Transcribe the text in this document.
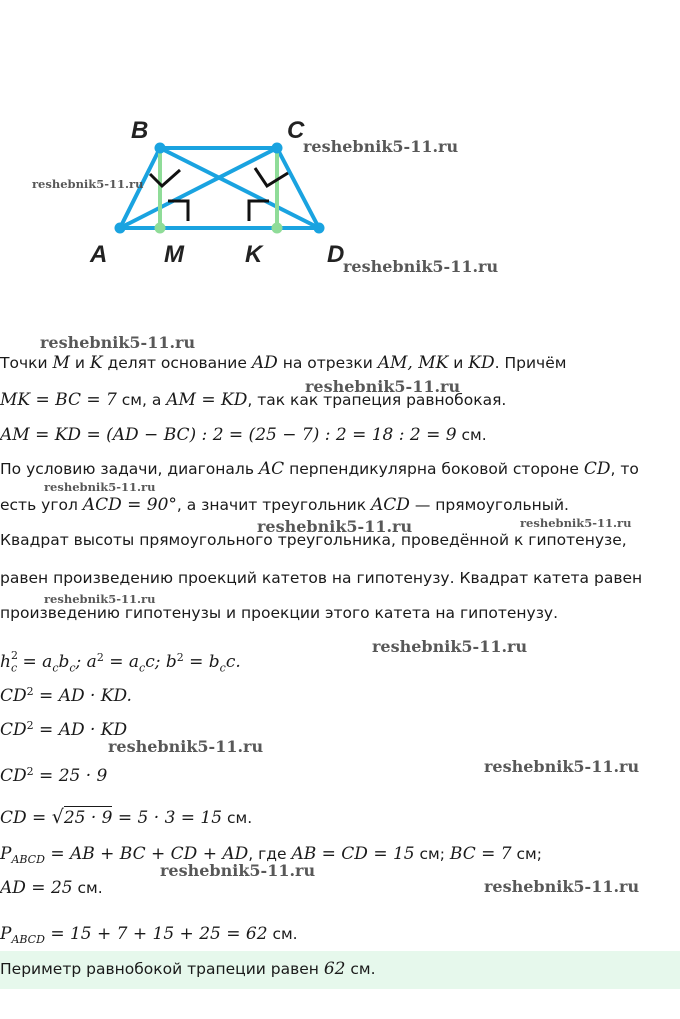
B	C
A M	K	D
Точки M и K делят основание AD на отрезки AM, MK и KD. Причём
MK = BC = 7 см, а AM = KD, так как трапеция равнобокая.
AM = KD = (AD − BC) : 2 = (25 − 7) : 2 = 18 : 2 = 9 см.
По условию задачи, диагональ AC перпендикулярна боковой стороне CD, то
есть угол ACD = 90°, а значит треугольник ACD — прямоугольный.
Квадрат высоты прямоугольного треугольника, проведённой к гипотенузе,
равен произведению проекций катетов на гипотенузу. Квадрат катета равен
произведению гипотенузы и проекции этого катета на гипотенузу.
$h^2_c = a_cb_c$; $a^2 = a_cc$; $b^2 = b_cc$.
$CD^2$ = AD · KD.
$CD^2$ = AD · KD
$CD^2 = 25 \cdot 9$
CD = √25 · 9 = 5 · 3 = 15 см.
$P_{ABCD}$ = AB + BC + CD + AD, где AB = CD = 15 см; BC = 7 см;
AD = 25 см.
$P_{ABCD} = 15 + 7 + 15 + 25 = 62$ см.
Периметр равнобокой трапеции равен 62 см.
reshebnik5-11.ru
reshebnik5-11.ru
reshebnik5-11.ru
reshebnik5-11.ru
reshebnik5-11.ru
reshebnik5-11.ru
reshebnik5-11.ru	reshebnik5-11.ru
reshebnik5-11.ru
reshebnik5-11.ru
reshebnik5-11.ru
reshebnik5-11.ru
reshebnik5-11.ru
reshebnik5-11.ru
